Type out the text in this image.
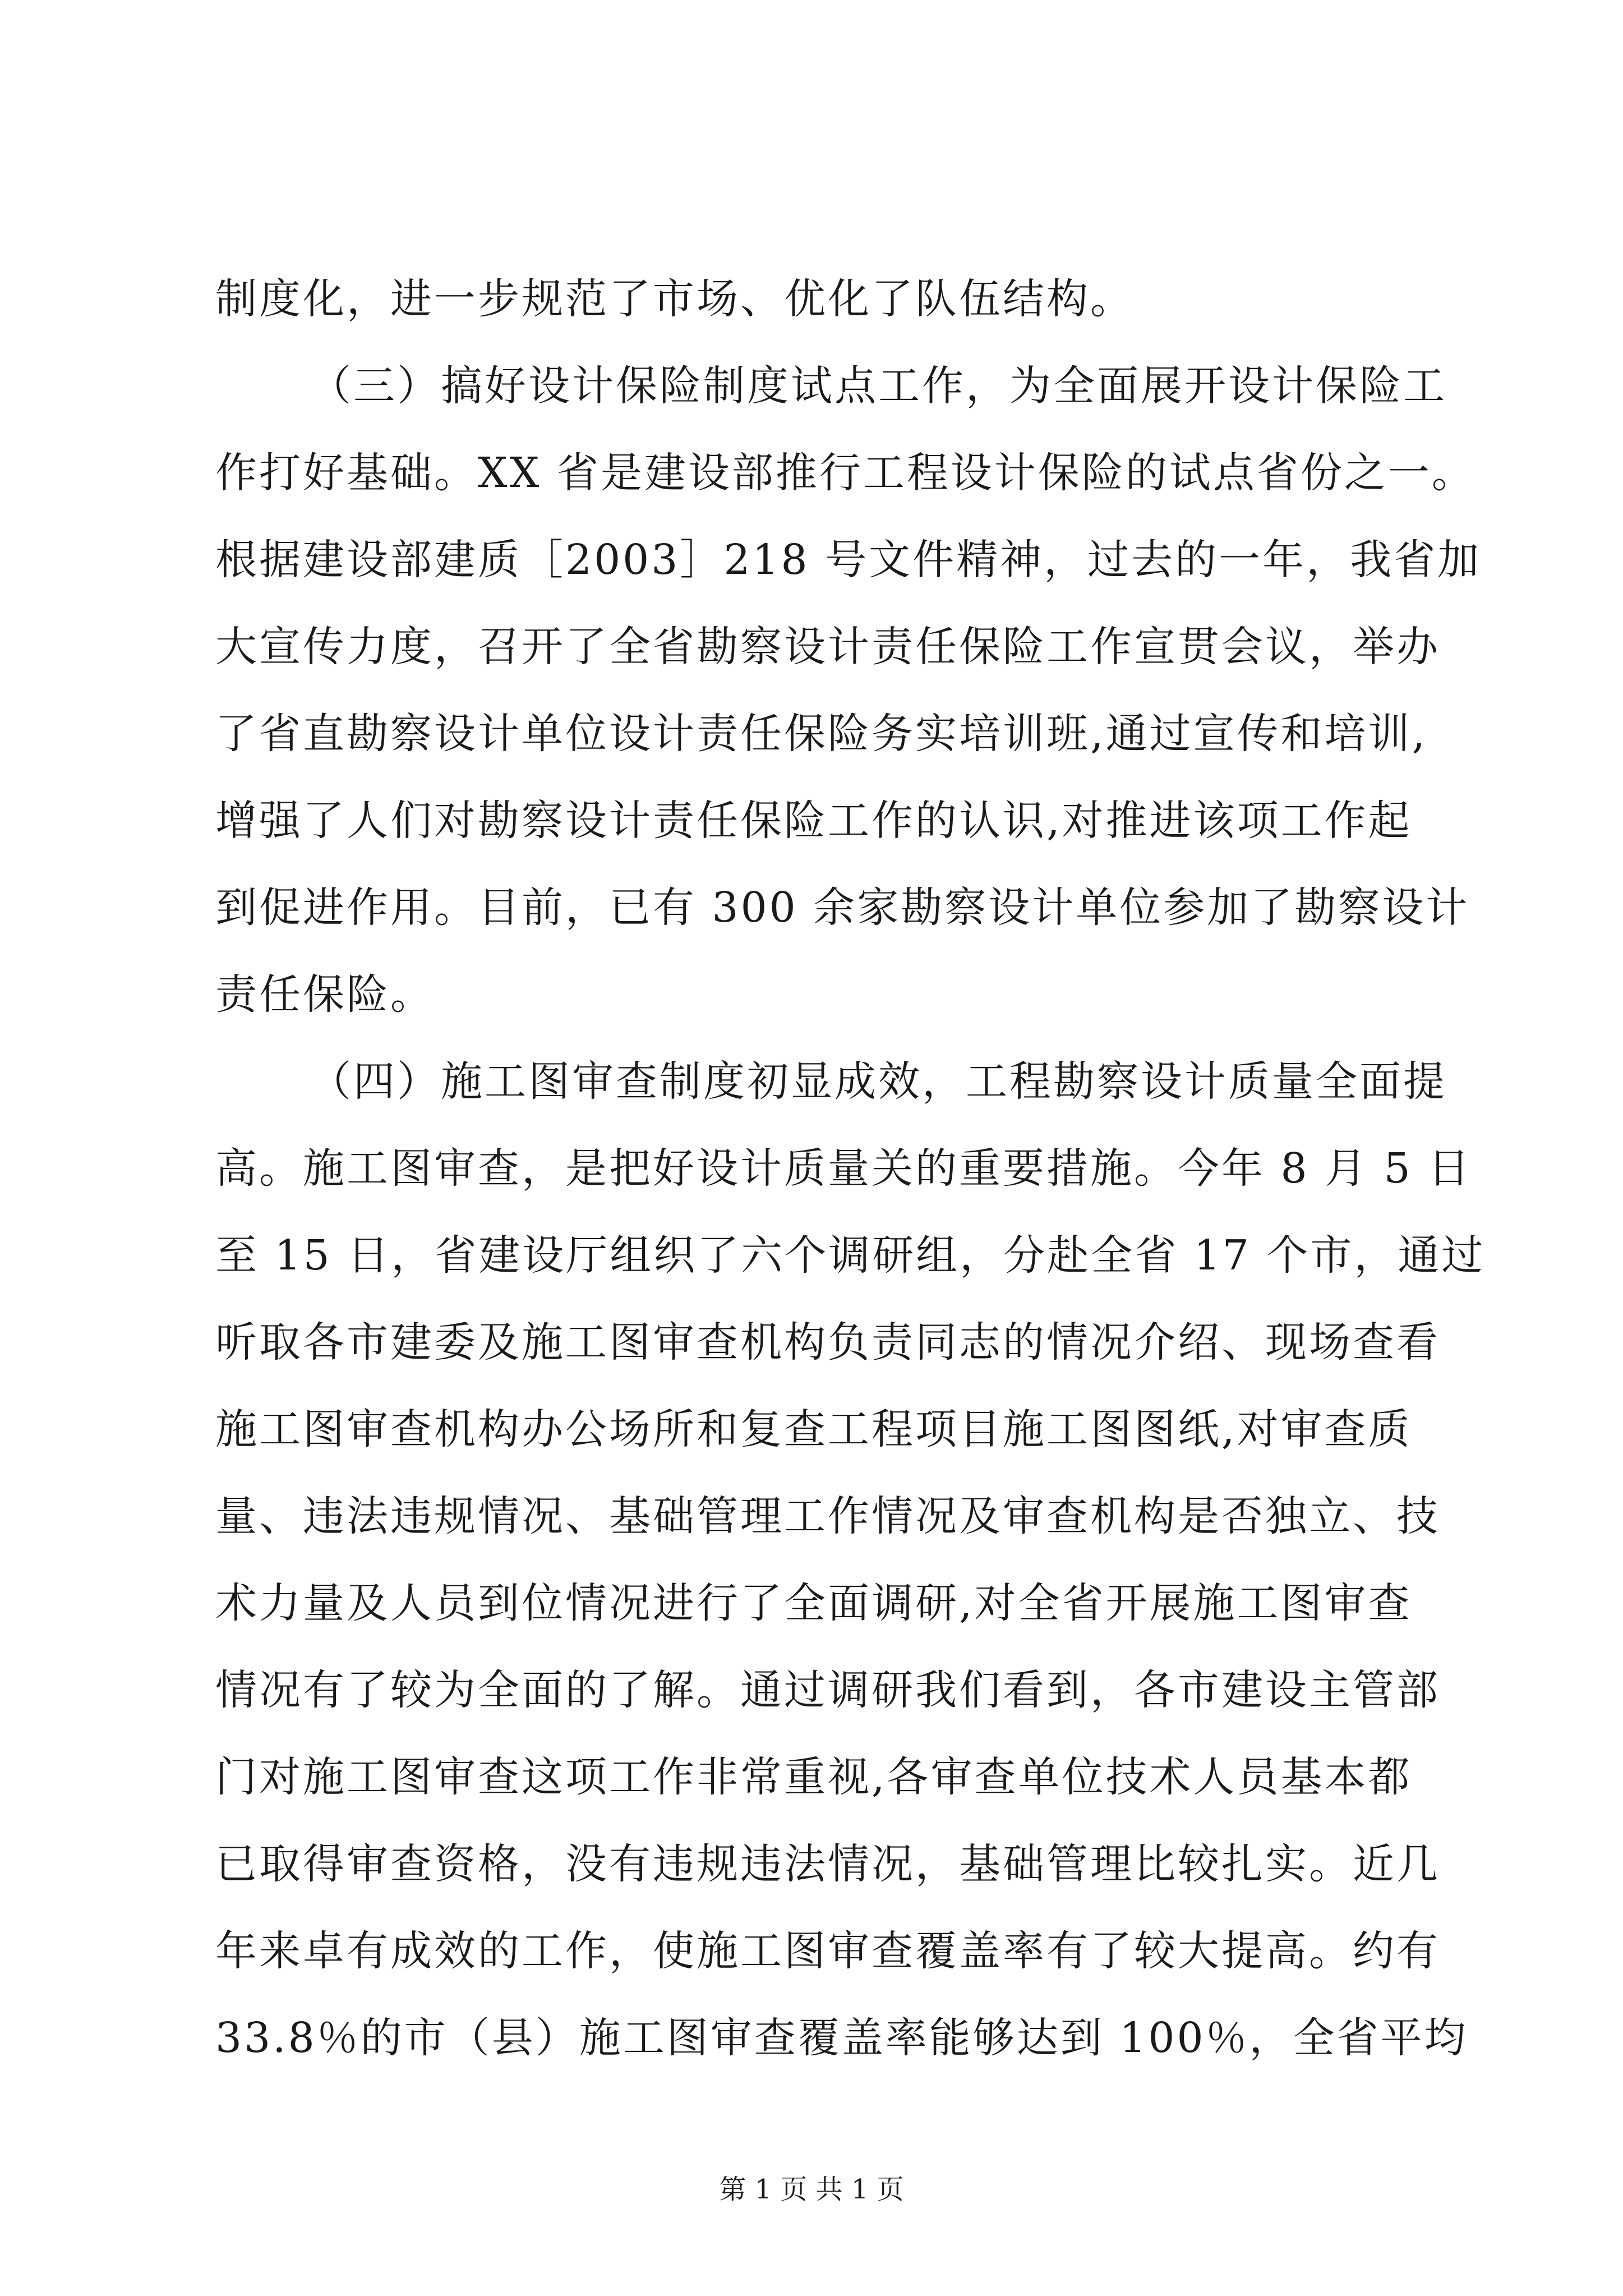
制度化，进一步规范了市场、优化了队伍结构。
（三）搞好设计保险制度试点工作，为全面展开设计保险工
作打好基础。XX 省是建设部推行工程设计保险的试点省份之一。
根据建设部建质［2003］218 号文件精神，过去的一年，我省加
大宣传力度，召开了全省勘察设计责任保险工作宣贯会议，举办
了省直勘察设计单位设计责任保险务实培训班,通过宣传和培训,
增强了人们对勘察设计责任保险工作的认识,对推进该项工作起
到促进作用。目前，已有 300 余家勘察设计单位参加了勘察设计
责任保险。
（四）施工图审查制度初显成效，工程勘察设计质量全面提
高。施工图审查，是把好设计质量关的重要措施。今年 8 月 5 日
至 15 日，省建设厅组织了六个调研组，分赴全省 17 个市，通过
听取各市建委及施工图审查机构负责同志的情况介绍、现场查看
施工图审查机构办公场所和复查工程项目施工图图纸,对审查质
量、违法违规情况、基础管理工作情况及审查机构是否独立、技
术力量及人员到位情况进行了全面调研,对全省开展施工图审查
情况有了较为全面的了解。通过调研我们看到，各市建设主管部
门对施工图审查这项工作非常重视,各审查单位技术人员基本都
已取得审查资格，没有违规违法情况，基础管理比较扎实。近几
年来卓有成效的工作，使施工图审查覆盖率有了较大提高。约有
33.8％的市（县）施工图审查覆盖率能够达到 100％，全省平均
第 1 页 共 1 页
